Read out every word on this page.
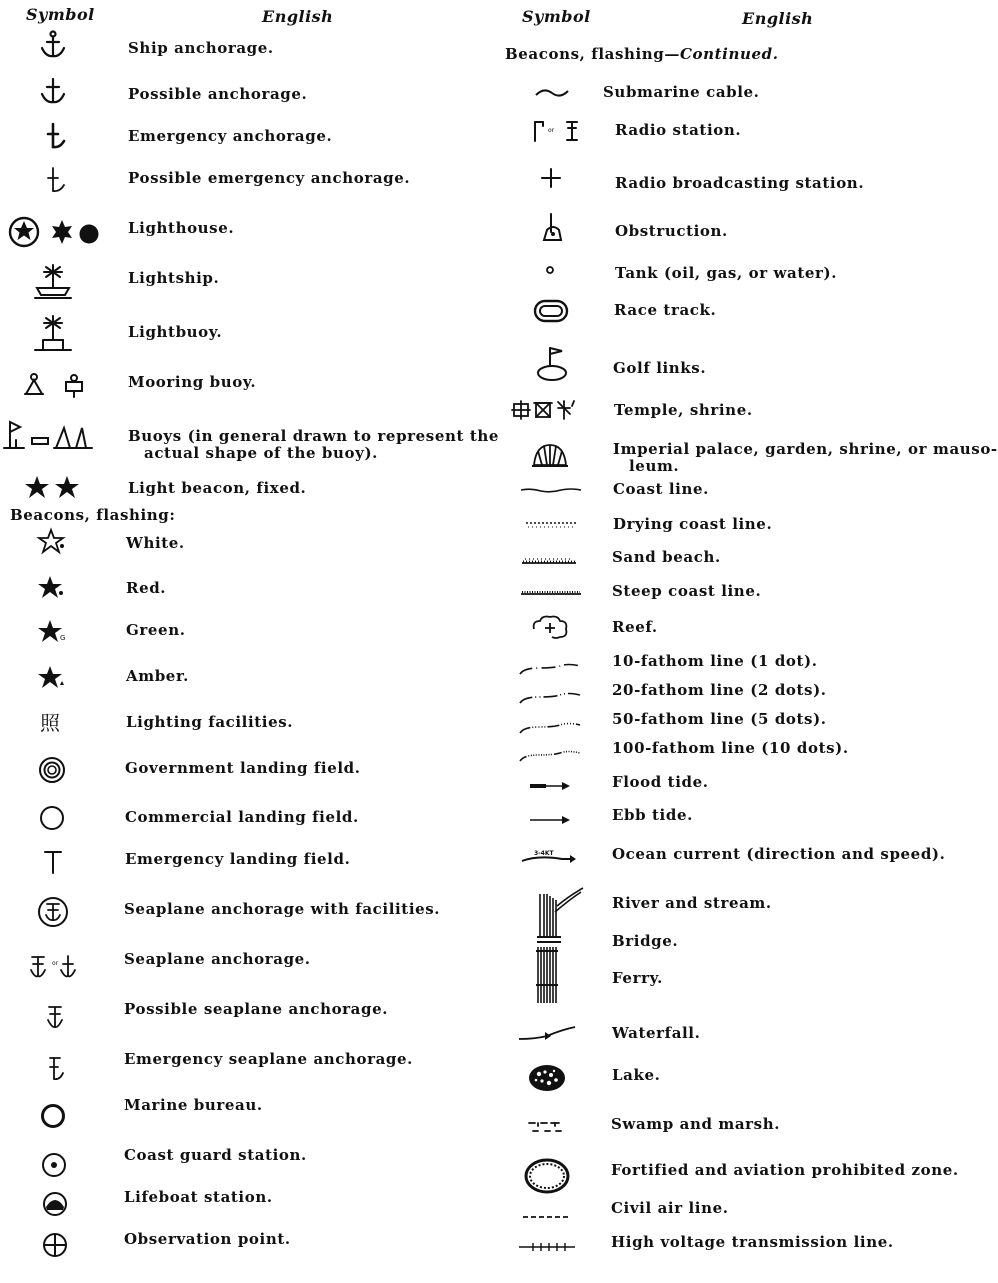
Symbol	English	Symbol	English
Beacons, flashing—Continued.
Beacons, flashing:
Ship anchorage.
Possible anchorage.
Emergency anchorage.
Possible emergency anchorage.
Lighthouse.
Lightship.
Lightbuoy.
Mooring buoy.
Buoys (in general drawn to represent the
actual shape of the buoy).
Light beacon, fixed.
White.
Red.
G	Green.
Amber.
照	Lighting facilities.
Government landing field.
Commercial landing field.
Emergency landing field.
Seaplane anchorage with facilities.
or	Seaplane anchorage.
Possible seaplane anchorage.
Emergency seaplane anchorage.
Marine bureau.
Coast guard station.
Lifeboat station.
Observation point.
Submarine cable.
or	Radio station.
Radio broadcasting station.
Obstruction.
Tank (oil, gas, or water).
Race track.
Golf links.
Temple, shrine.
Imperial palace, garden, shrine, or mauso-
leum.
Coast line.
Drying coast line.
Sand beach.
Steep coast line.
Reef.
10-fathom line (1 dot).
20-fathom line (2 dots).
50-fathom line (5 dots).
100-fathom line (10 dots).
Flood tide.
Ebb tide.
3-4KT	Ocean current (direction and speed).
River and stream.
Bridge.
Ferry.
Waterfall.
Lake.
Swamp and marsh.
Fortified and aviation prohibited zone.
Civil air line.
High voltage transmission line.
